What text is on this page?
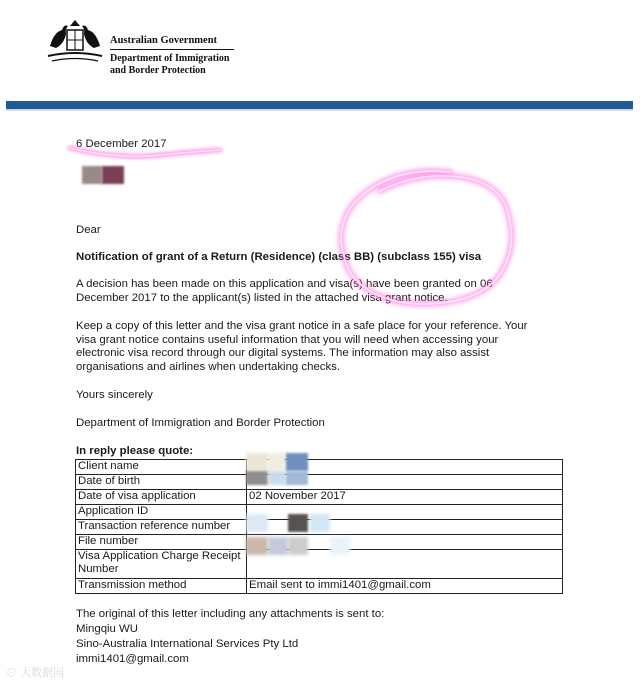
Australian Government
Department of Immigration
and Border Protection
6 December 2017
Dear
Notification of grant of a Return (Residence) (class BB) (subclass 155) visa
A decision has been made on this application and visa(s) have been granted on 06 December 2017 to the applicant(s) listed in the attached visa grant notice.
Keep a copy of this letter and the visa grant notice in a safe place for your reference. Your visa grant notice contains useful information that you will need when accessing your electronic visa record through our digital systems. The information may also assist organisations and airlines when undertaking checks.
Yours sincerely
Department of Immigration and Border Protection
In reply please quote:
Client name	
Date of birth	
Date of visa application	02 November 2017
Application ID	
Transaction reference number	
File number	
Visa Application Charge Receipt Number	
Transmission method	Email sent to immi1401@gmail.com
The original of this letter including any attachments is sent to:
Mingqiu WU
Sino-Australia International Services Pty Ltd
immi1401@gmail.com
⊙ 大数据园
